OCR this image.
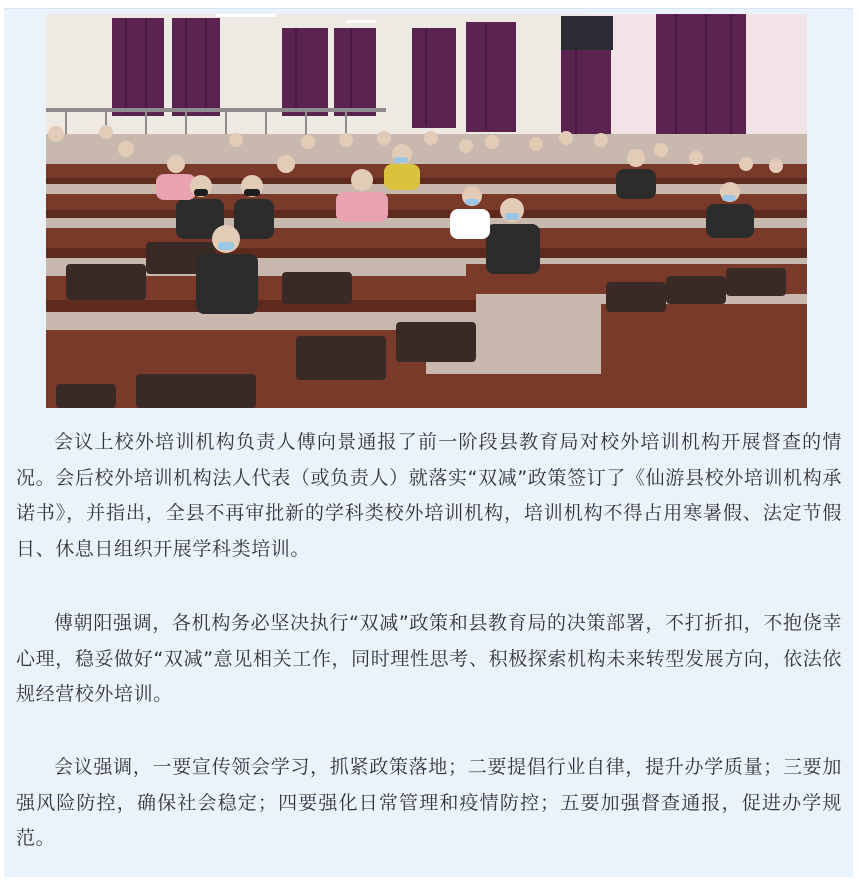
会议上校外培训机构负责人傅向景通报了前一阶段县教育局对校外培训机构开展督查的情况。会后校外培训机构法人代表（或负责人）就落实“双减”政策签订了《仙游县校外培训机构承诺书》，并指出，全县不再审批新的学科类校外培训机构，培训机构不得占用寒暑假、法定节假日、休息日组织开展学科类培训。

傅朝阳强调，各机构务必坚决执行“双减”政策和县教育局的决策部署，不打折扣，不抱侥幸心理，稳妥做好“双减”意见相关工作，同时理性思考、积极探索机构未来转型发展方向，依法依规经营校外培训。

会议强调，一要宣传领会学习，抓紧政策落地；二要提倡行业自律，提升办学质量；三要加强风险防控，确保社会稳定；四要强化日常管理和疫情防控；五要加强督查通报，促进办学规范。
